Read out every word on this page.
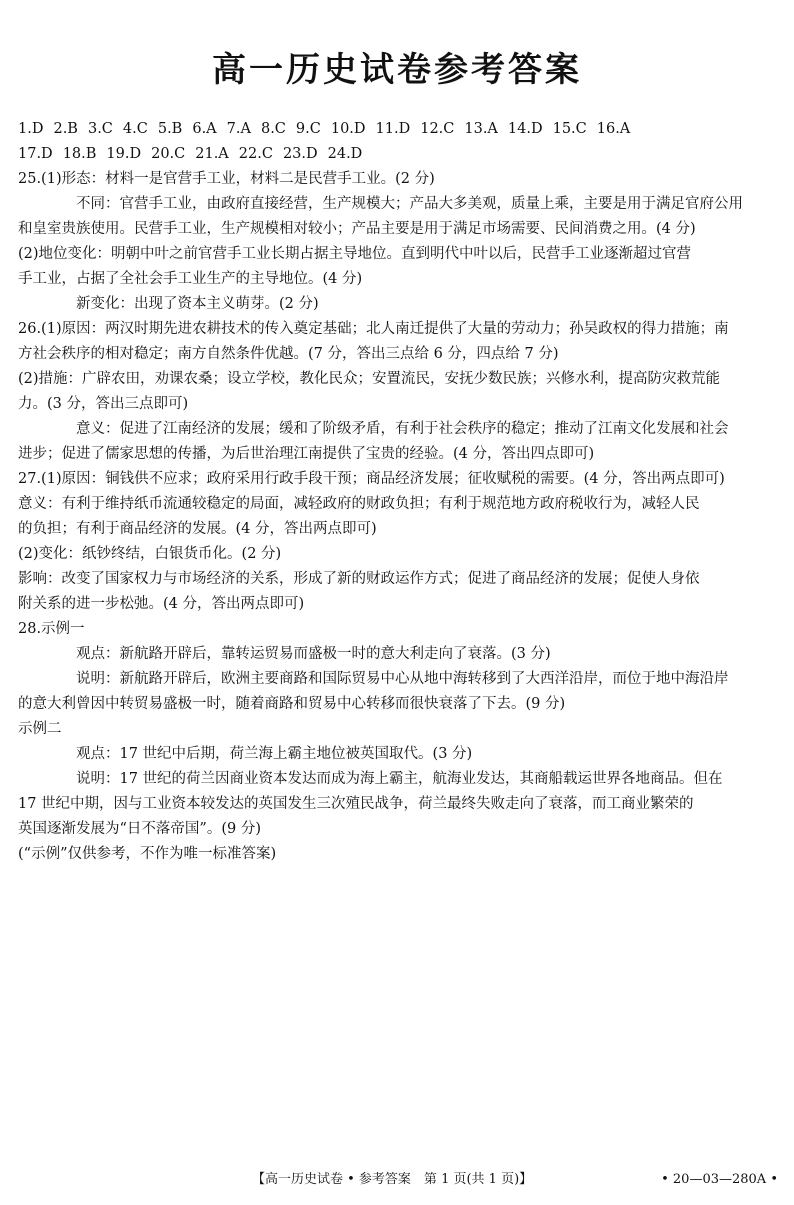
高一历史试卷参考答案
1.D 2.B 3.C 4.C 5.B 6.A 7.A 8.C 9.C 10.D 11.D 12.C 13.A 14.D 15.C 16.A
17.D 18.B 19.D 20.C 21.A 22.C 23.D 24.D
25.(1)形态：材料一是官营手工业，材料二是民营手工业。(2 分)
不同：官营手工业，由政府直接经营，生产规模大；产品大多美观，质量上乘，主要是用于满足官府公用
和皇室贵族使用。民营手工业，生产规模相对较小；产品主要是用于满足市场需要、民间消费之用。(4 分)
(2)地位变化：明朝中叶之前官营手工业长期占据主导地位。直到明代中叶以后，民营手工业逐渐超过官营
手工业，占据了全社会手工业生产的主导地位。(4 分)
新变化：出现了资本主义萌芽。(2 分)
26.(1)原因：两汉时期先进农耕技术的传入奠定基础；北人南迁提供了大量的劳动力；孙吴政权的得力措施；南
方社会秩序的相对稳定；南方自然条件优越。(7 分，答出三点给 6 分，四点给 7 分)
(2)措施：广辟农田，劝课农桑；设立学校，教化民众；安置流民，安抚少数民族；兴修水利，提高防灾救荒能
力。(3 分，答出三点即可)
意义：促进了江南经济的发展；缓和了阶级矛盾，有利于社会秩序的稳定；推动了江南文化发展和社会
进步；促进了儒家思想的传播，为后世治理江南提供了宝贵的经验。(4 分，答出四点即可)
27.(1)原因：铜钱供不应求；政府采用行政手段干预；商品经济发展；征收赋税的需要。(4 分，答出两点即可)
意义：有利于维持纸币流通较稳定的局面，减轻政府的财政负担；有利于规范地方政府税收行为，减轻人民
的负担；有利于商品经济的发展。(4 分，答出两点即可)
(2)变化：纸钞终结，白银货币化。(2 分)
影响：改变了国家权力与市场经济的关系，形成了新的财政运作方式；促进了商品经济的发展；促使人身依
附关系的进一步松弛。(4 分，答出两点即可)
28.示例一
观点：新航路开辟后，靠转运贸易而盛极一时的意大利走向了衰落。(3 分)
说明：新航路开辟后，欧洲主要商路和国际贸易中心从地中海转移到了大西洋沿岸，而位于地中海沿岸
的意大利曾因中转贸易盛极一时，随着商路和贸易中心转移而很快衰落了下去。(9 分)
示例二
观点：17 世纪中后期，荷兰海上霸主地位被英国取代。(3 分)
说明：17 世纪的荷兰因商业资本发达而成为海上霸主，航海业发达，其商船载运世界各地商品。但在
17 世纪中期，因与工业资本较发达的英国发生三次殖民战争，荷兰最终失败走向了衰落，而工商业繁荣的
英国逐渐发展为“日不落帝国”。(9 分)
(“示例”仅供参考，不作为唯一标准答案)
【高一历史试卷 • 参考答案　第 1 页(共 1 页)】	• 20—03—280A •
